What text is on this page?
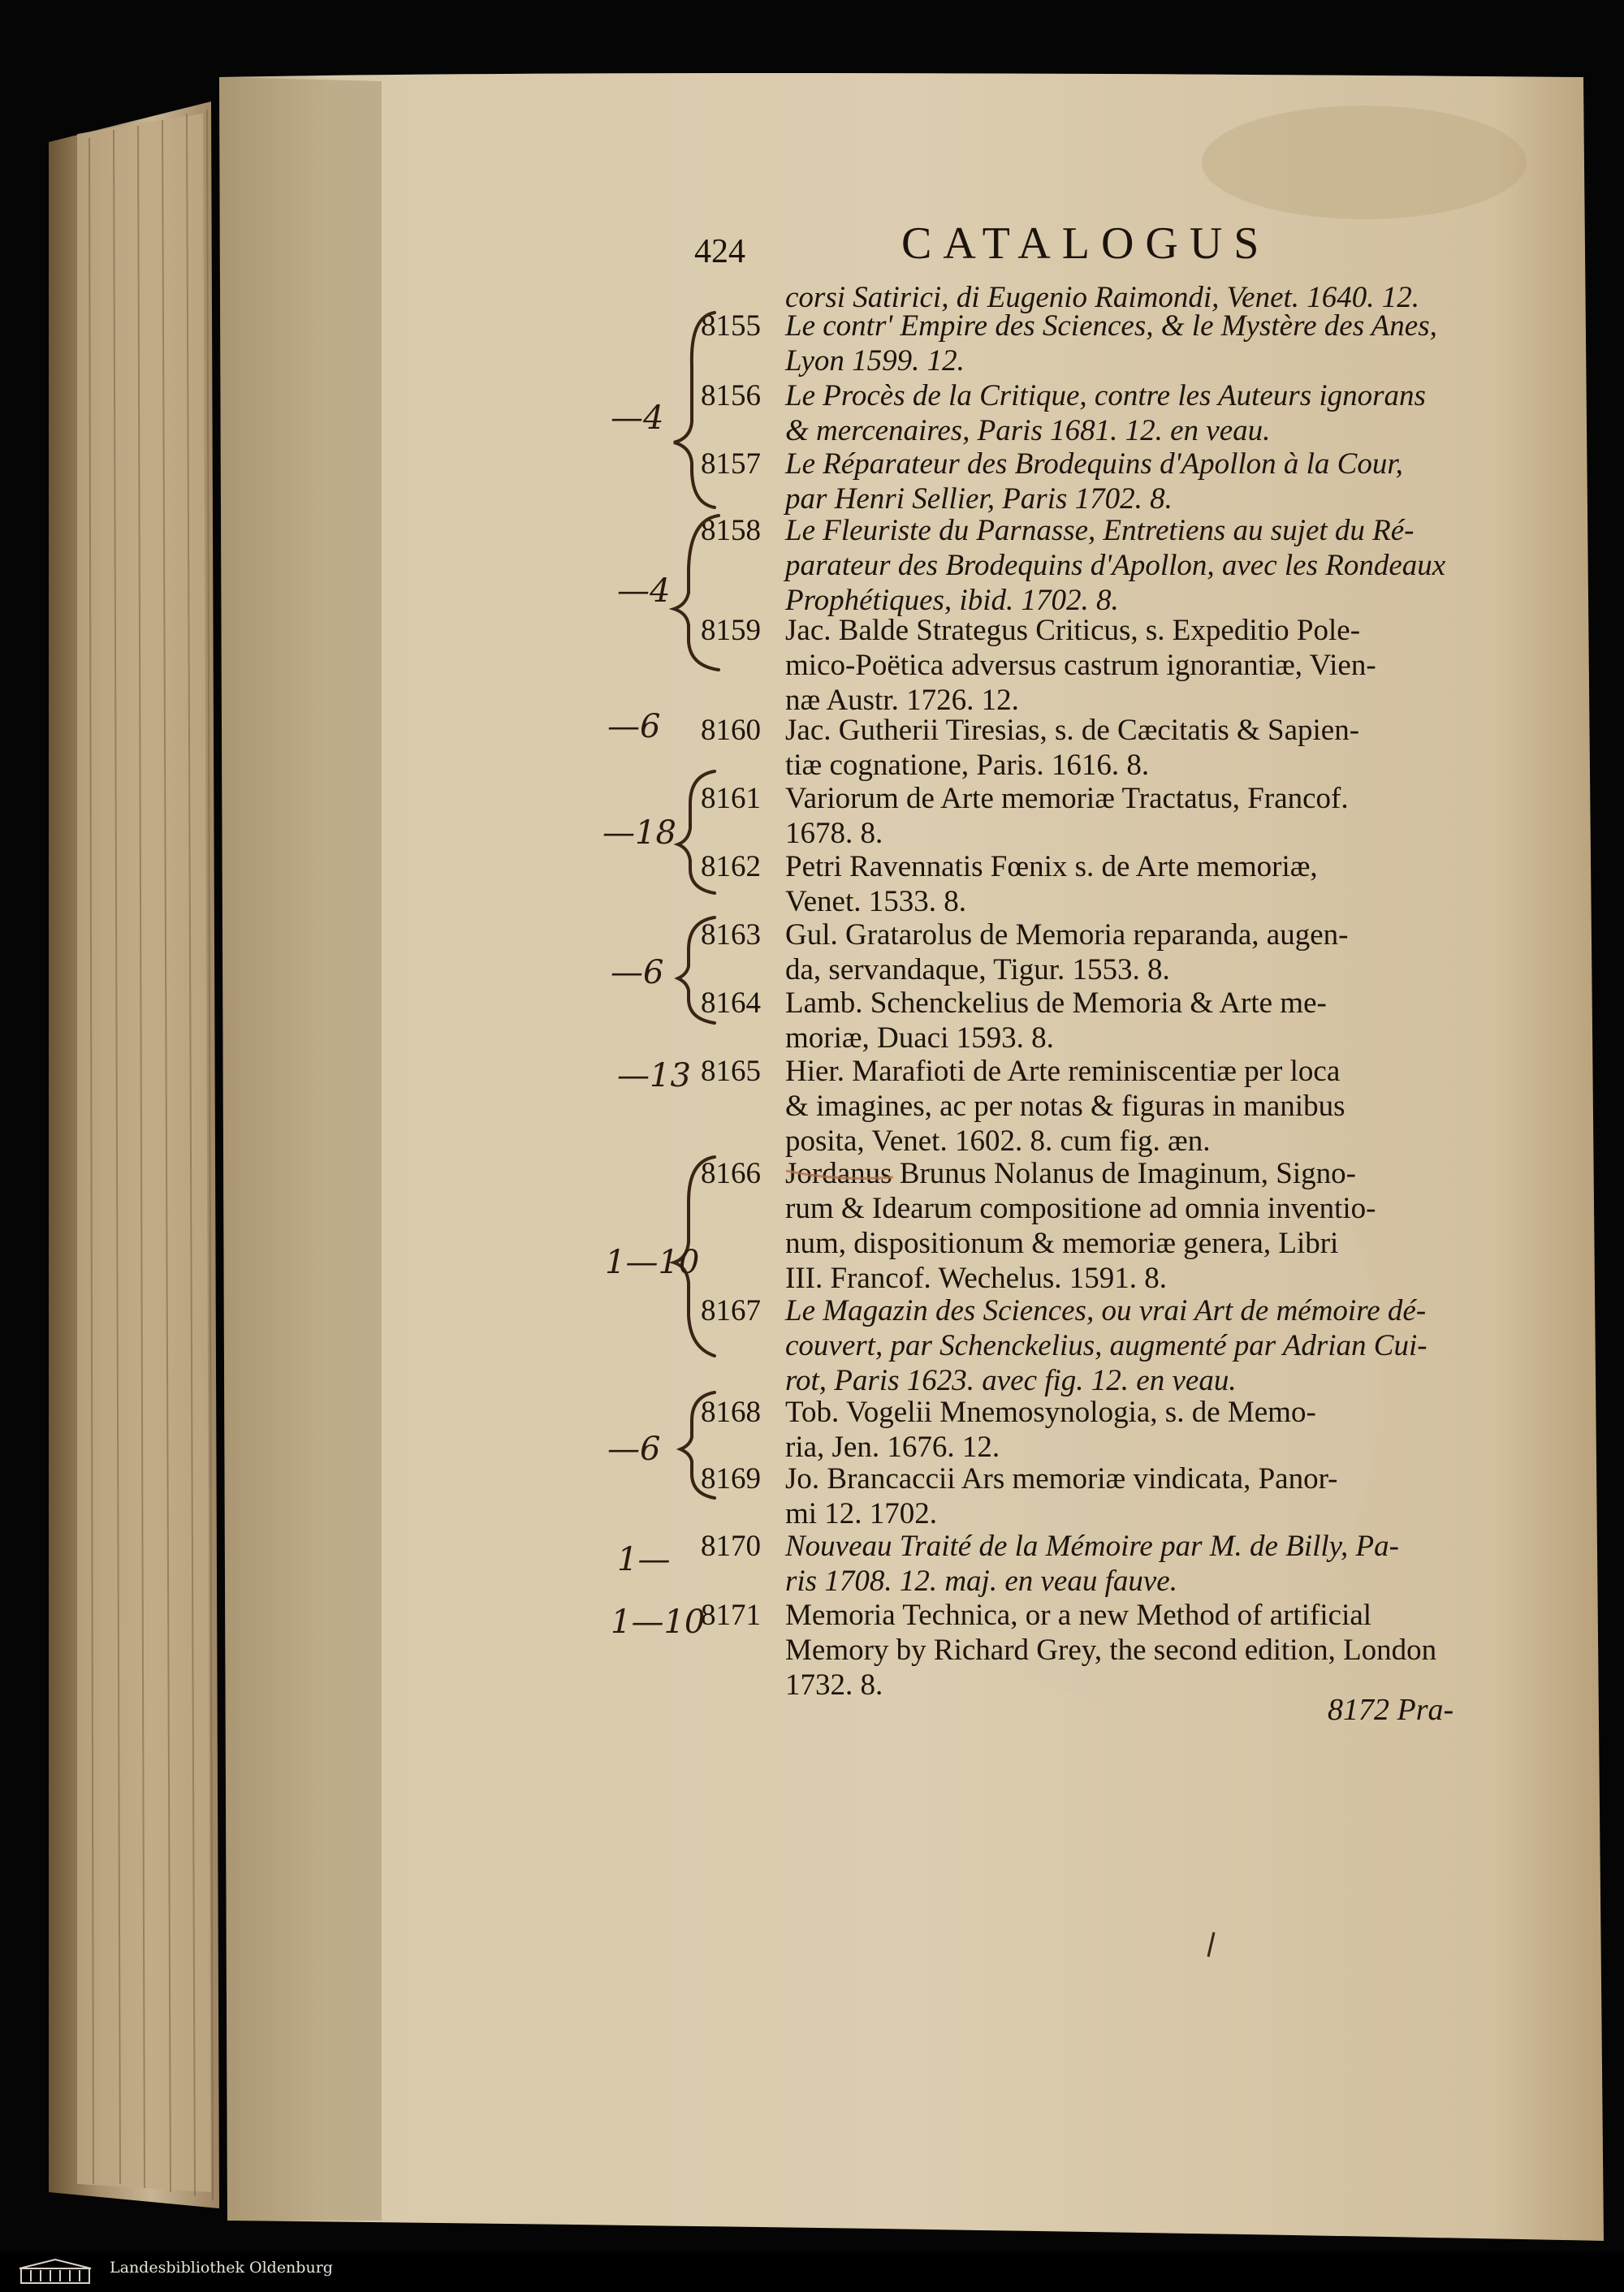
424	CATALOGUS
corsi Satirici, di Eugenio Raimondi, Venet. 1640. 12.
8155 Le contr' Empire des Sciences, & le Mystère des Anes,
Lyon 1599. 12.
8156 Le Procès de la Critique, contre les Auteurs ignorans
& mercenaires, Paris 1681. 12. en veau.
8157 Le Réparateur des Brodequins d'Apollon à la Cour,
par Henri Sellier, Paris 1702. 8.
8158 Le Fleuriste du Parnasse, Entretiens au sujet du Ré-
parateur des Brodequins d'Apollon, avec les Rondeaux
Prophétiques, ibid. 1702. 8.
8159 Jac. Balde Strategus Criticus, s. Expeditio Pole-
mico-Poëtica adversus castrum ignorantiæ, Vien-
næ Austr. 1726. 12.
8160 Jac. Gutherii Tiresias, s. de Cæcitatis & Sapien-
tiæ cognatione, Paris. 1616. 8.
8161 Variorum de Arte memoriæ Tractatus, Francof.
1678. 8.
8162 Petri Ravennatis Fœnix s. de Arte memoriæ,
Venet. 1533. 8.
8163 Gul. Gratarolus de Memoria reparanda, augen-
da, servandaque, Tigur. 1553. 8.
8164 Lamb. Schenckelius de Memoria & Arte me-
moriæ, Duaci 1593. 8.
8165 Hier. Marafioti de Arte reminiscentiæ per loca
& imagines, ac per notas & figuras in manibus
posita, Venet. 1602. 8. cum fig. æn.
8166 Jordanus Brunus Nolanus de Imaginum, Signo-
rum & Idearum compositione ad omnia inventio-
num, dispositionum & memoriæ genera, Libri
III. Francof. Wechelus. 1591. 8.
8167 Le Magazin des Sciences, ou vrai Art de mémoire dé-
couvert, par Schenckelius, augmenté par Adrian Cui-
rot, Paris 1623. avec fig. 12. en veau.
8168 Tob. Vogelii Mnemosynologia, s. de Memo-
ria, Jen. 1676. 12.
8169 Jo. Brancaccii Ars memoriæ vindicata, Panor-
mi 12. 1702.
8170 Nouveau Traité de la Mémoire par M. de Billy, Pa-
ris 1708. 12. maj. en veau fauve.
8171 Memoria Technica, or a new Method of artificial
Memory by Richard Grey, the second edition, London
1732. 8.
8172 Pra-
—4
—4
—6
—18
—6
—13
1—10
—6
1—
1—10
Landesbibliothek Oldenburg
